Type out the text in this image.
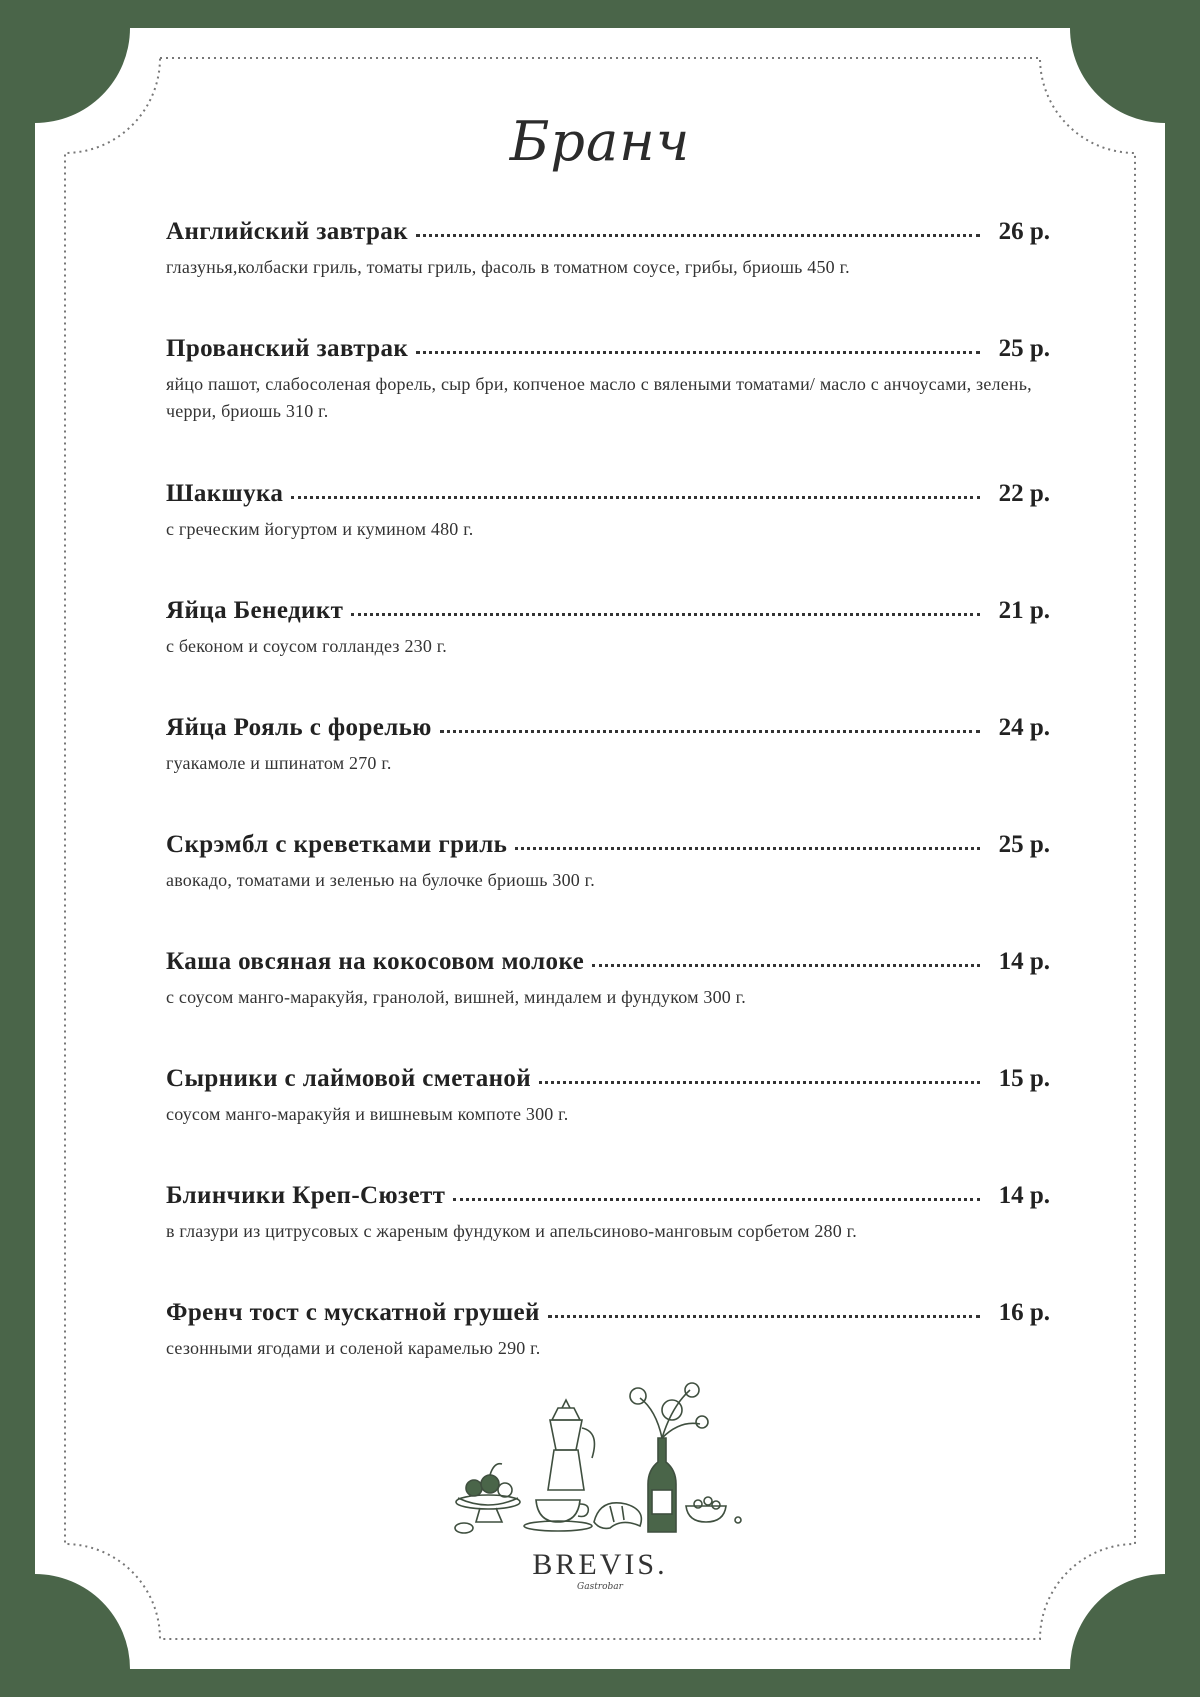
Бранч
Английский завтрак	26 р.
глазунья,колбаски гриль, томаты гриль, фасоль в томатном соусе, грибы, бриошь 450 г.
Прованский завтрак	25 р.
яйцо пашот, слабосоленая форель, сыр бри, копченое масло с вялеными томатами/ масло с анчоусами, зелень, черри, бриошь 310 г.
Шакшука	22 р.
с греческим йогуртом и кумином 480 г.
Яйца Бенедикт	21 р.
с беконом и соусом голландез 230 г.
Яйца Рояль с форелью	24 р.
гуакамоле и шпинатом 270 г.
Скрэмбл с креветками гриль	25 р.
авокадо, томатами и зеленью на булочке бриошь 300 г.
Каша овсяная на кокосовом молоке	14 р.
с соусом манго-маракуйя, гранолой, вишней, миндалем и фундуком 300 г.
Сырники с лаймовой сметаной	15 р.
соусом манго-маракуйя и вишневым компоте 300 г.
Блинчики Креп-Сюзетт	14 р.
в глазури из цитрусовых с жареным фундуком и апельсиново-манговым сорбетом 280 г.
Френч тост с мускатной грушей	16 р.
сезонными ягодами и соленой карамелью 290 г.
BREVIS.
Gastrobar
